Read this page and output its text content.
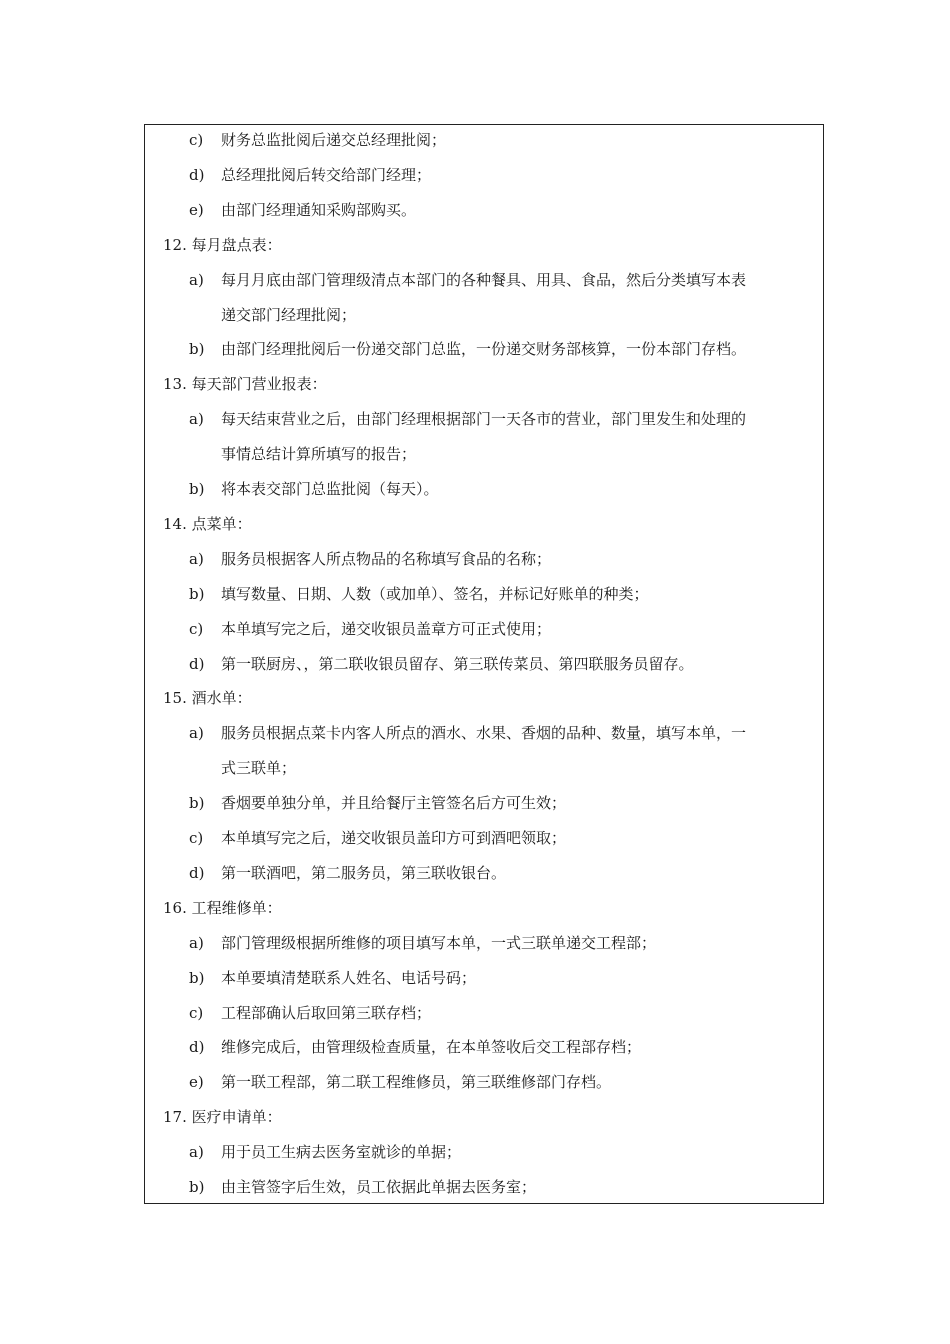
c) 财务总监批阅后递交总经理批阅；
d) 总经理批阅后转交给部门经理；
e) 由部门经理通知采购部购买。
12. 每月盘点表：
a) 每月月底由部门管理级清点本部门的各种餐具、用具、食品，然后分类填写本表
递交部门经理批阅；
b) 由部门经理批阅后一份递交部门总监，一份递交财务部核算，一份本部门存档。
13. 每天部门营业报表：
a) 每天结束营业之后，由部门经理根据部门一天各市的营业，部门里发生和处理的
事情总结计算所填写的报告；
b) 将本表交部门总监批阅（每天）。
14. 点菜单：
a) 服务员根据客人所点物品的名称填写食品的名称；
b) 填写数量、日期、人数（或加单）、签名，并标记好账单的种类；
c) 本单填写完之后，递交收银员盖章方可正式使用；
d) 第一联厨房、，第二联收银员留存、第三联传菜员、第四联服务员留存。
15. 酒水单：
a) 服务员根据点菜卡内客人所点的酒水、水果、香烟的品种、数量，填写本单，一
式三联单；
b) 香烟要单独分单，并且给餐厅主管签名后方可生效；
c) 本单填写完之后，递交收银员盖印方可到酒吧领取；
d) 第一联酒吧，第二服务员，第三联收银台。
16. 工程维修单：
a) 部门管理级根据所维修的项目填写本单，一式三联单递交工程部；
b) 本单要填清楚联系人姓名、电话号码；
c) 工程部确认后取回第三联存档；
d) 维修完成后，由管理级检查质量，在本单签收后交工程部存档；
e) 第一联工程部，第二联工程维修员，第三联维修部门存档。
17. 医疗申请单：
a) 用于员工生病去医务室就诊的单据；
b) 由主管签字后生效，员工依据此单据去医务室；
